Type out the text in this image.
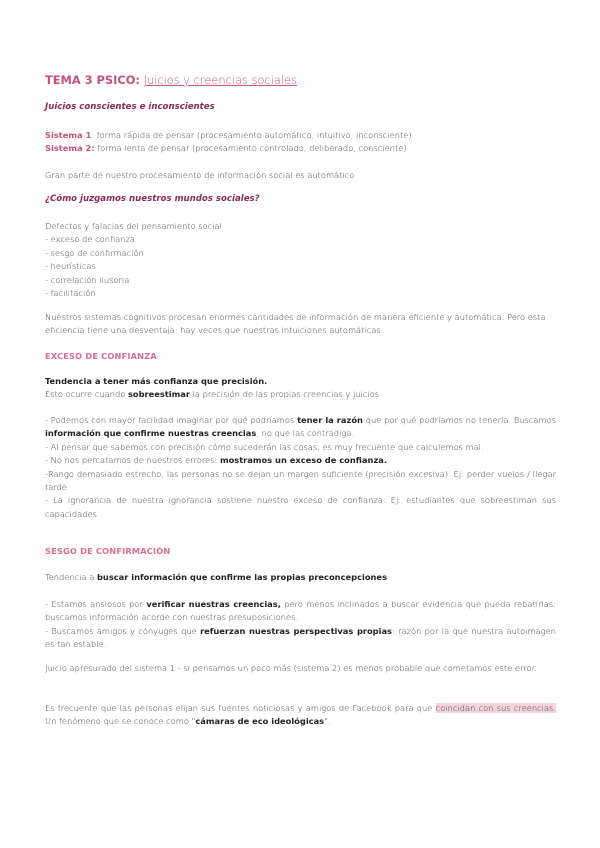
TEMA 3 PSICO: Juicios y creencias sociales
Juicios conscientes e inconscientes
Sistema 1: forma rápida de pensar (procesamiento automático, intuitivo, inconsciente)
Sistema 2: forma lenta de pensar (procesamiento controlado, deliberado, consciente)
Gran parte de nuestro procesamiento de información social es automático
¿Cómo juzgamos nuestros mundos sociales?
Defectos y falacias del pensamiento social
- exceso de confianza
- sesgo de confirmación
- heurísticas
- correlación ilusoria
- facilitación
Nuestros sistemas cognitivos procesan enormes cantidades de información de manera eficiente y automática. Pero esta eficiencia tiene una desventaja: hay veces que nuestras intuiciones automáticas
EXCESO DE CONFIANZA
Tendencia a tener más confianza que precisión.
Esto ocurre cuando sobreestimar la precisión de las propias creencias y juicios
- Podemos con mayor facilidad imaginar por qué podríamos tener la razón que por qué podríamos no tenerla. Buscamos información que confirme nuestras creencias, no que las contradiga.
- Al pensar que sabemos con precisión cómo sucederán las cosas, es muy frecuente que calculemos mal.
- No nos percatamos de nuestros errores: mostramos un exceso de confianza.
-Rango demasiado estrecho, las personas no se dejan un margen suficiente (precisión excesiva). Ej: perder vuelos / llegar tarde
- La ignorancia de nuestra ignorancia sostiene nuestro exceso de confianza: Ej: estudiantes que sobreestiman sus capacidades
SESGO DE CONFIRMACIÓN
Tendencia a buscar información que confirme las propias preconcepciones
- Estamos ansiosos por verificar nuestras creencias, pero menos inclinados a buscar evidencia que pueda rebatirlas: buscamos información acorde con nuestras presuposiciones.
- Buscamos amigos y cónyuges que refuerzan nuestras perspectivas propias: razón por la que nuestra autoimagen es tan estable.
Juicio apresurado del sistema 1 - si pensamos un poco más (sistema 2) es menos probable que cometamos este error.
Es frecuente que las personas elijan sus fuentes noticiosas y amigos de Facebook para que coincidan con sus creencias. Un fenómeno que se conoce como "cámaras de eco ideológicas".
